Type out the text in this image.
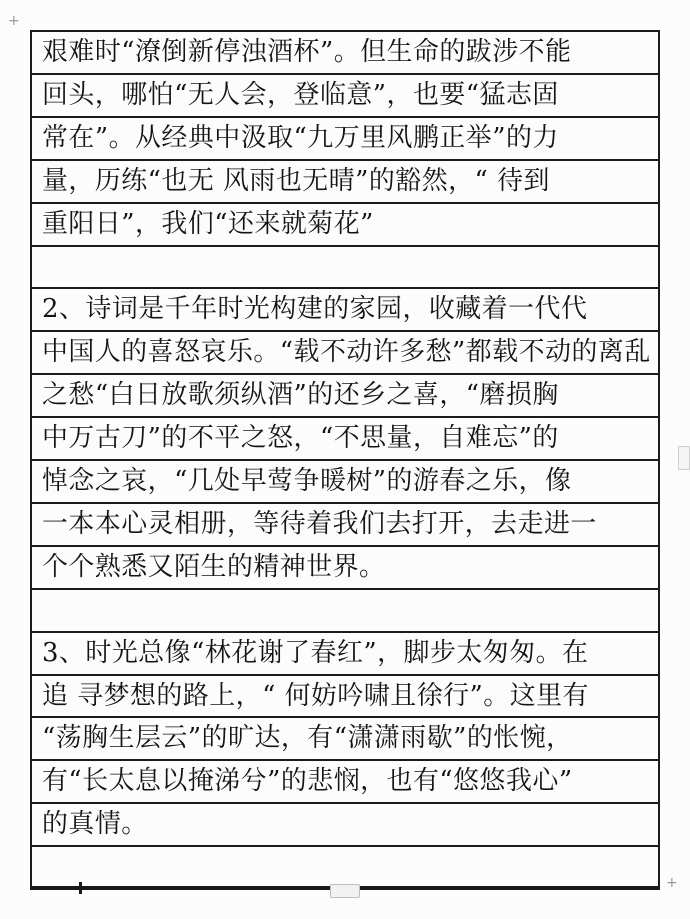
艰难时“潦倒新停浊酒杯”。但生命的跋涉不能
回头，哪怕“无人会，登临意”，也要“猛志固
常在”。从经典中汲取“九万里风鹏正举”的力
量，历练“也无 风雨也无晴”的豁然，“ 待到
重阳日”，我们“还来就菊花”
2、诗词是千年时光构建的家园，收藏着一代代
中国人的喜怒哀乐。“载不动许多愁”都载不动的离乱
之愁“白日放歌须纵酒”的还乡之喜，“磨损胸
中万古刀”的不平之怒，“不思量，自难忘”的
悼念之哀，“几处早莺争暖树”的游春之乐，像
一本本心灵相册，等待着我们去打开，去走进一
个个熟悉又陌生的精神世界。
3、时光总像“林花谢了春红”，脚步太匆匆。在
追 寻梦想的路上，“ 何妨吟啸且徐行”。这里有
“荡胸生层云”的旷达，有“潇潇雨歇”的怅惋，
有“长太息以掩涕兮”的悲悯，也有“悠悠我心”
的真情。
+
+
